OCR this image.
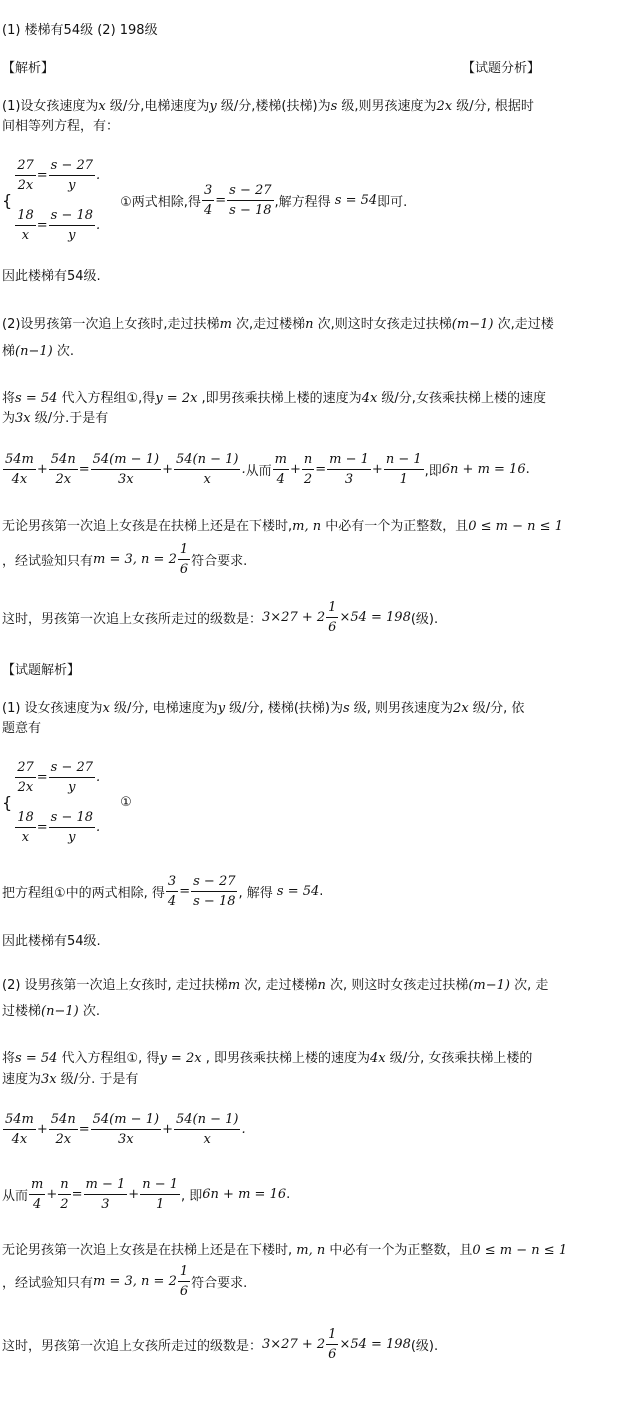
(1) 楼梯有54级 (2) 198级
【解析】	【试题分析】
(1)设女孩速度为x 级/分,电梯速度为y 级/分,楼梯(扶梯)为s 级,则男孩速度为2x 级/分, 根据时
间相等列方程，有：
{
$\frac{27}{2x} = \frac{s - 27}{y}$ .
$\frac{18}{x} = \frac{s - 18}{y}$ .
①两式相除,得 $\frac{3}{4} = \frac{s - 27}{s - 18}$ ,解方程得
s = 54 即可.
因此楼梯有54级.
(2)设男孩第一次追上女孩时,走过扶梯m 次,走过楼梯n 次,则这时女孩走过扶梯(m−1) 次,走过楼
梯(n−1) 次.
将s = 54 代入方程组①,得y = 2x ,即男孩乘扶梯上楼的速度为4x 级/分,女孩乘扶梯上楼的速度
为3x 级/分.于是有
$\frac{54m}{4x} + \frac{54n}{2x} = \frac{54(m - 1)}{3x} + \frac{54(n - 1)}{x}$ . 从而 $\frac{m}{4} + \frac{n}{2} = \frac{m - 1}{3} + \frac{n - 1}{1}$ ,即 6n + m = 16 .
无论男孩第一次追上女孩是在扶梯上还是在下楼时,m, n 中必有一个为正整数，且0 ≤ m − n ≤ 1
，经试验知只有 m = 3, $n = 2 \frac{1}{6}$ 符合要求.
这时，男孩第一次追上女孩所走过的级数是： $3\times 27 + 2 \frac{1}{6} \times 54 = 198$ (级).
【试题解析】
(1) 设女孩速度为x 级/分, 电梯速度为y 级/分, 楼梯(扶梯)为s 级, 则男孩速度为2x 级/分, 依
题意有
{
$\frac{27}{2x} = \frac{s - 27}{y}$ .
$\frac{18}{x} = \frac{s - 18}{y}$ .
①
把方程组①中的两式相除, 得 $\frac{3}{4} = \frac{s - 27}{s - 18}$ , 解得
s = 54 .
因此楼梯有54级.
(2) 设男孩第一次追上女孩时, 走过扶梯m 次, 走过楼梯n 次, 则这时女孩走过扶梯(m−1) 次, 走
过楼梯(n−1) 次.
将s = 54 代入方程组①, 得y = 2x , 即男孩乘扶梯上楼的速度为4x 级/分, 女孩乘扶梯上楼的
速度为3x 级/分. 于是有
$\frac{54m}{4x} + \frac{54n}{2x} = \frac{54(m - 1)}{3x} + \frac{54(n - 1)}{x}$ .
从而 $\frac{m}{4} + \frac{n}{2} = \frac{m - 1}{3} + \frac{n - 1}{1}$ , 即 6n + m = 16 .
无论男孩第一次追上女孩是在扶梯上还是在下楼时, m, n 中必有一个为正整数，且0 ≤ m − n ≤ 1
，经试验知只有 m = 3, $n = 2 \frac{1}{6}$ 符合要求.
这时，男孩第一次追上女孩所走过的级数是： $3\times 27 + 2 \frac{1}{6} \times 54 = 198$ (级).
